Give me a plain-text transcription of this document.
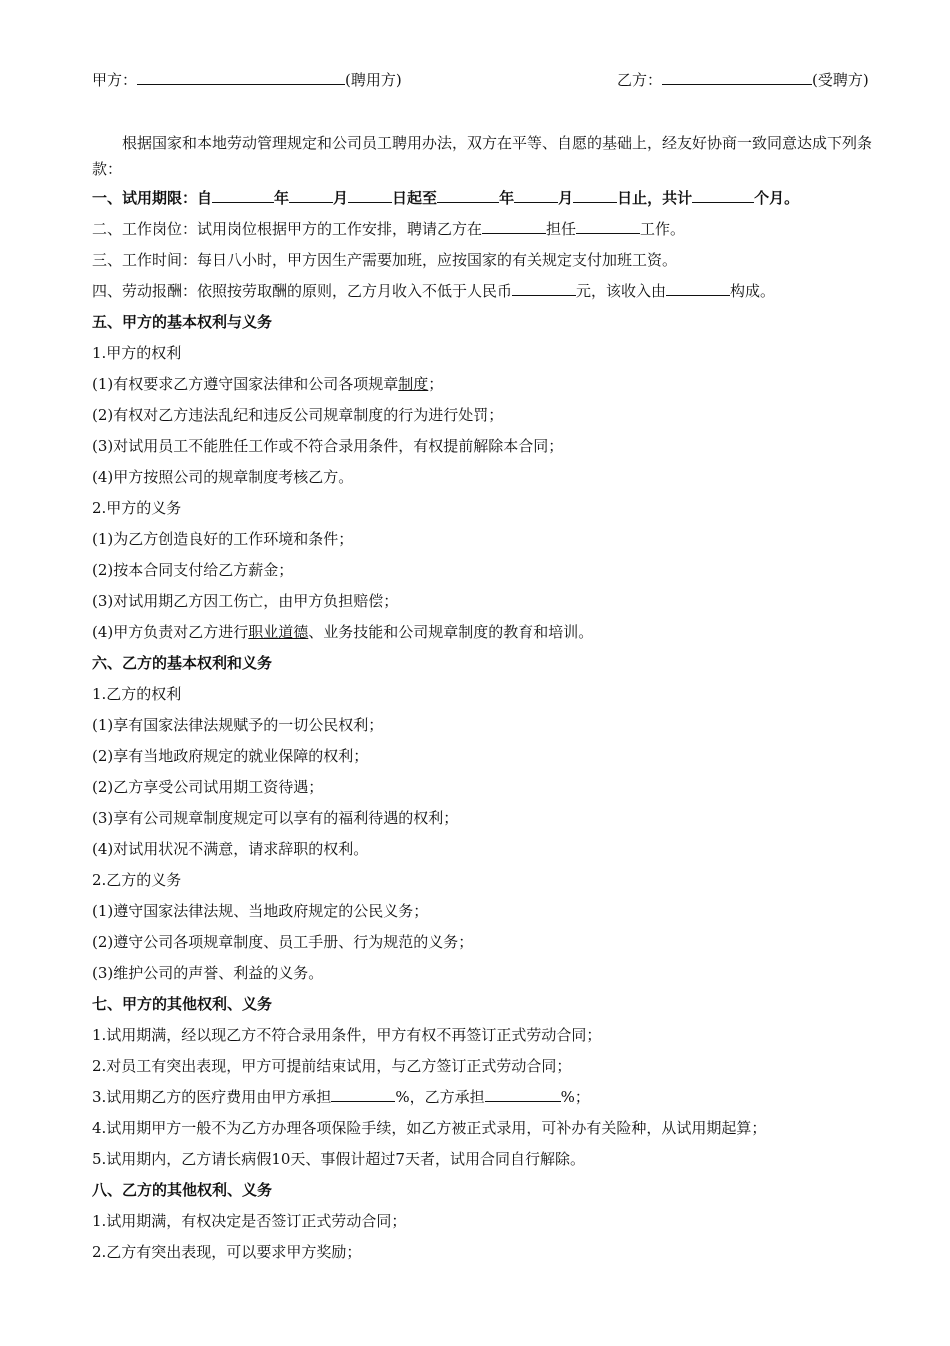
甲方：	(聘用方)	乙方：	(受聘方)
根据国家和本地劳动管理规定和公司员工聘用办法，双方在平等、自愿的基础上，经友好协商一致同意达成下列条款：
一、试用期限：自	年	月	日起至	年	月	日止，共计	个月。
二、工作岗位：试用岗位根据甲方的工作安排，聘请乙方在	担任	工作。
三、工作时间：每日八小时，甲方因生产需要加班，应按国家的有关规定支付加班工资。
四、劳动报酬：依照按劳取酬的原则，乙方月收入不低于人民币	元，该收入由	构成。
五、甲方的基本权利与义务
1.甲方的权利
(1)有权要求乙方遵守国家法律和公司各项规章制度；
(2)有权对乙方违法乱纪和违反公司规章制度的行为进行处罚；
(3)对试用员工不能胜任工作或不符合录用条件，有权提前解除本合同；
(4)甲方按照公司的规章制度考核乙方。
2.甲方的义务
(1)为乙方创造良好的工作环境和条件；
(2)按本合同支付给乙方薪金；
(3)对试用期乙方因工伤亡，由甲方负担赔偿；
(4)甲方负责对乙方进行职业道德、业务技能和公司规章制度的教育和培训。
六、乙方的基本权利和义务
1.乙方的权利
(1)享有国家法律法规赋予的一切公民权利；
(2)享有当地政府规定的就业保障的权利；
(2)乙方享受公司试用期工资待遇；
(3)享有公司规章制度规定可以享有的福利待遇的权利；
(4)对试用状况不满意，请求辞职的权利。
2.乙方的义务
(1)遵守国家法律法规、当地政府规定的公民义务；
(2)遵守公司各项规章制度、员工手册、行为规范的义务；
(3)维护公司的声誉、利益的义务。
七、甲方的其他权利、义务
1.试用期满，经以现乙方不符合录用条件，甲方有权不再签订正式劳动合同；
2.对员工有突出表现，甲方可提前结束试用，与乙方签订正式劳动合同；
3.试用期乙方的医疗费用由甲方承担	%，乙方承担	%；
4.试用期甲方一般不为乙方办理各项保险手续，如乙方被正式录用，可补办有关险种，从试用期起算；
5.试用期内，乙方请长病假10天、事假计超过7天者，试用合同自行解除。
八、乙方的其他权利、义务
1.试用期满，有权决定是否签订正式劳动合同；
2.乙方有突出表现，可以要求甲方奖励；
